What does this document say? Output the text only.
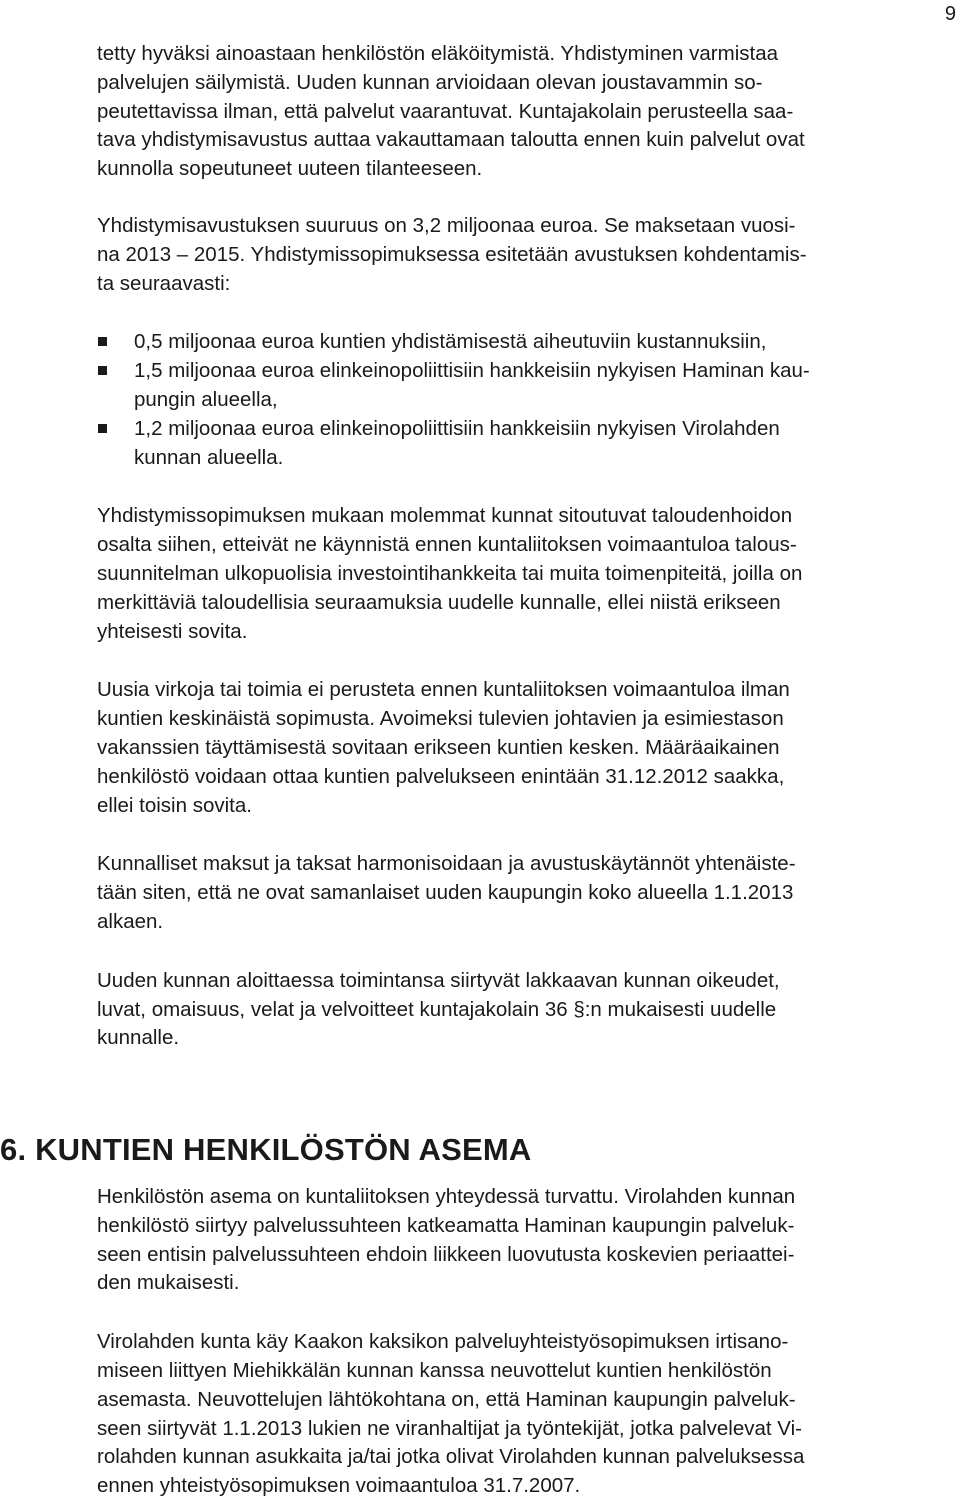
9

tetty hyväksi ainoastaan henkilöstön eläköitymistä. Yhdistyminen varmistaa
palvelujen säilymistä. Uuden kunnan arvioidaan olevan joustavammin so-
peutettavissa ilman, että palvelut vaarantuvat. Kuntajakolain perusteella saa-
tava yhdistymisavustus auttaa vakauttamaan taloutta ennen kuin palvelut ovat
kunnolla sopeutuneet uuteen tilanteeseen.

Yhdistymisavustuksen suuruus on 3,2 miljoonaa euroa. Se maksetaan vuosi-
na 2013 – 2015. Yhdistymissopimuksessa esitetään avustuksen kohdentamis-
ta seuraavasti:

0,5 miljoonaa euroa kuntien yhdistämisestä aiheutuviin kustannuksiin,
1,5 miljoonaa euroa elinkeinopoliittisiin hankkeisiin nykyisen Haminan kau-
pungin alueella,
1,2 miljoonaa euroa elinkeinopoliittisiin hankkeisiin nykyisen Virolahden
kunnan alueella.

Yhdistymissopimuksen mukaan molemmat kunnat sitoutuvat taloudenhoidon
osalta siihen, etteivät ne käynnistä ennen kuntaliitoksen voimaantuloa talous-
suunnitelman ulkopuolisia investointihankkeita tai muita toimenpiteitä, joilla on
merkittäviä taloudellisia seuraamuksia uudelle kunnalle, ellei niistä erikseen
yhteisesti sovita.

Uusia virkoja tai toimia ei perusteta ennen kuntaliitoksen voimaantuloa ilman
kuntien keskinäistä sopimusta. Avoimeksi tulevien johtavien ja esimiestason
vakanssien täyttämisestä sovitaan erikseen kuntien kesken. Määräaikainen
henkilöstö voidaan ottaa kuntien palvelukseen enintään 31.12.2012 saakka,
ellei toisin sovita.

Kunnalliset maksut ja taksat harmonisoidaan ja avustuskäytännöt yhtenäiste-
tään siten, että ne ovat samanlaiset uuden kaupungin koko alueella 1.1.2013
alkaen.

Uuden kunnan aloittaessa toimintansa siirtyvät lakkaavan kunnan oikeudet,
luvat, omaisuus, velat ja velvoitteet kuntajakolain 36 §:n mukaisesti uudelle
kunnalle.

6. KUNTIEN HENKILÖSTÖN ASEMA

Henkilöstön asema on kuntaliitoksen yhteydessä turvattu. Virolahden kunnan
henkilöstö siirtyy palvelussuhteen katkeamatta Haminan kaupungin palveluk-
seen entisin palvelussuhteen ehdoin liikkeen luovutusta koskevien periaattei-
den mukaisesti.

Virolahden kunta käy Kaakon kaksikon palveluyhteistyösopimuksen irtisano-
miseen liittyen Miehikkälän kunnan kanssa neuvottelut kuntien henkilöstön
asemasta. Neuvottelujen lähtökohtana on, että Haminan kaupungin palveluk-
seen siirtyvät 1.1.2013 lukien ne viranhaltijat ja työntekijät, jotka palvelevat Vi-
rolahden kunnan asukkaita ja/tai jotka olivat Virolahden kunnan palveluksessa
ennen yhteistyösopimuksen voimaantuloa 31.7.2007.
